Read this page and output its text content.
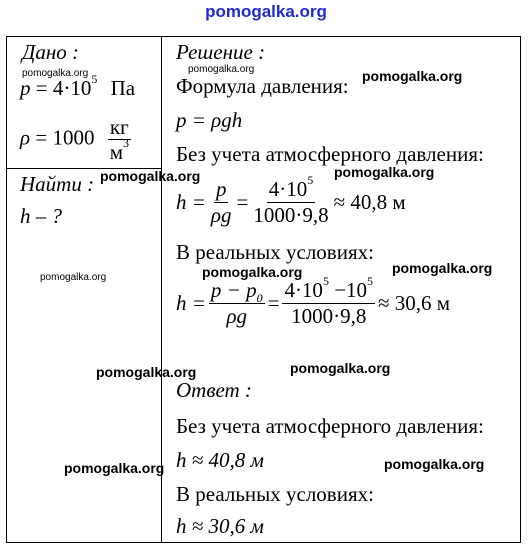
pomogalka.org
Дано :
$p = 4\cdot 10^5$ Па
$\rho = 1000 \frac{кг}{м^3}$
Найти :
h – ?
Решение :
Формула давления:
p = ρgh
Без учета атмосферного давления:
$h = \frac{p}{\rho g} = \frac{4\cdot 10^5}{1000\cdot 9,8} \approx 40,8$ м
В реальных условиях:
$h = \frac{p - p_0}{\rho g} = \frac{4\cdot 10^5 -10^5}{1000\cdot 9,8} \approx 30,6$ м
Ответ :
Без учета атмосферного давления:
h ≈ 40,8 м
В реальных условиях:
h ≈ 30,6 м
pomogalka.org	pomogalka.org	pomogalka.org
pomogalka.org	pomogalka.org
pomogalka.org	pomogalka.org
pomogalka.org
pomogalka.org	pomogalka.org
pomogalka.org	pomogalka.org
